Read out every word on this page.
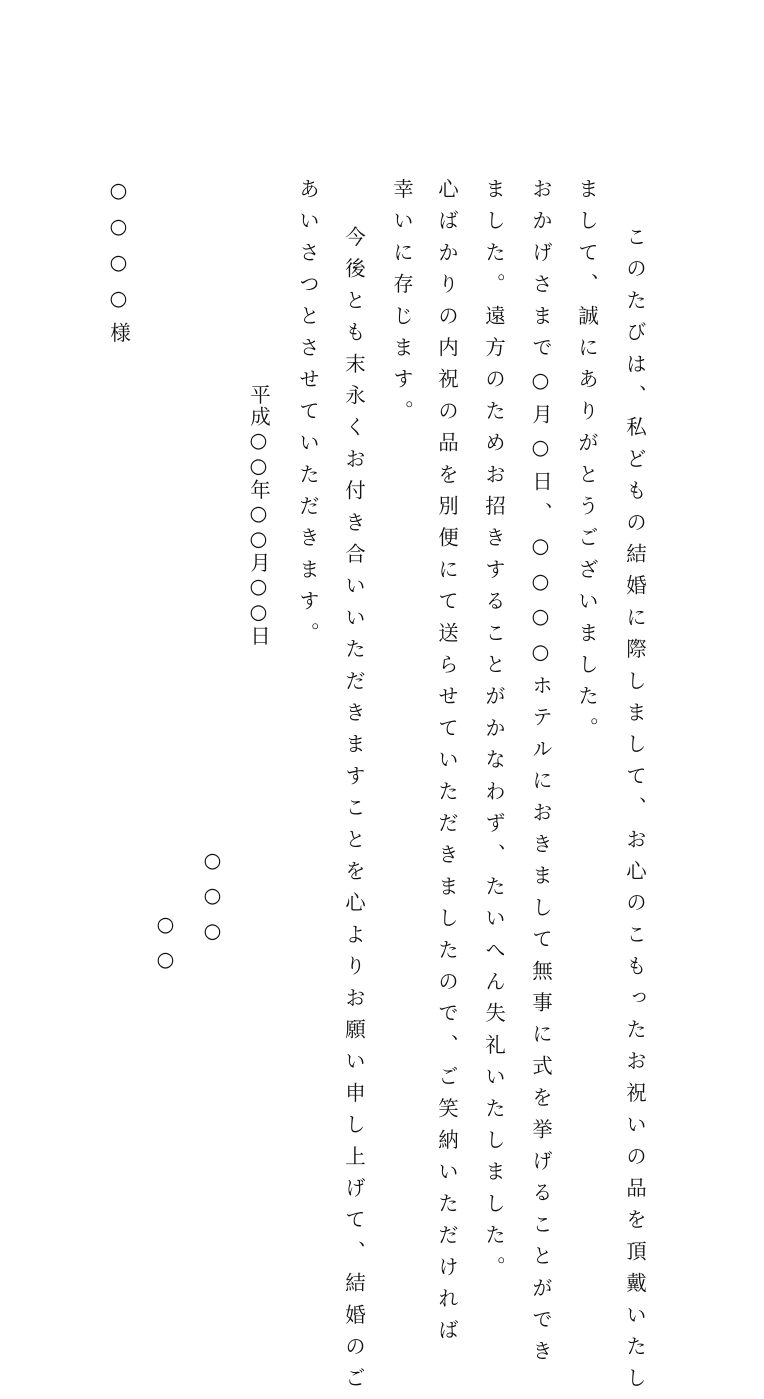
このたびは、私どもの結婚に際しまして、お心のこもったお祝いの品を頂戴いたし

まして、誠にありがとうございました。

おかげさまで○月○日、○○○○ホテルにおきまして無事に式を挙げることができ

ました。遠方のためお招きすることがかなわず、たいへん失礼いたしました。

心ばかりの内祝の品を別便にて送らせていただきましたので、ご笑納いただければ

幸いに存じます。

今後とも末永くお付き合いいただきますことを心よりお願い申し上げて、結婚のご

あいさつとさせていただきます。

平成○○年○○月○○日

○○○

○○

○○○○様
